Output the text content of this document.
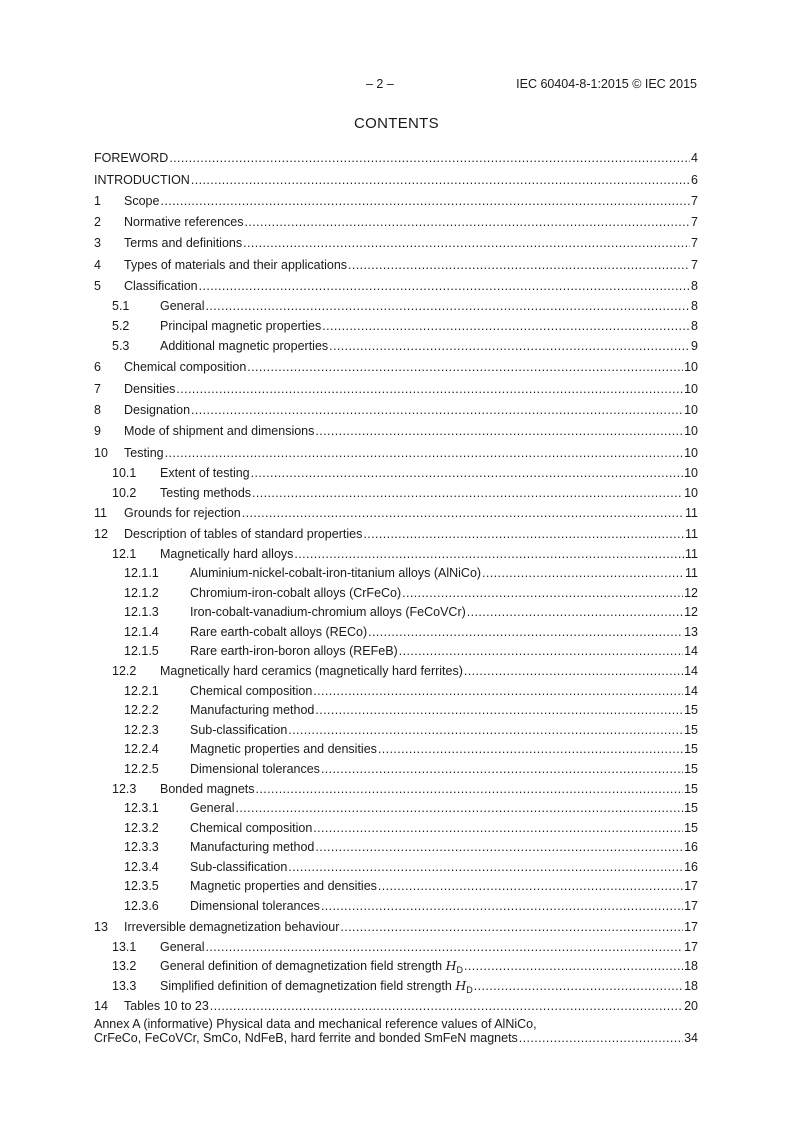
– 2 –	IEC 60404-8-1:2015 © IEC 2015
CONTENTS
FOREWORD .....	4
INTRODUCTION .....	6
1	Scope .....	7
2	Normative references .....	7
3	Terms and definitions .....	7
4	Types of materials and their applications .....	7
5	Classification .....	8
5.1	General .....	8
5.2	Principal magnetic properties .....	8
5.3	Additional magnetic properties .....	9
6	Chemical composition .....	10
7	Densities .....	10
8	Designation .....	10
9	Mode of shipment and dimensions .....	10
10	Testing .....	10
10.1	Extent of testing .....	10
10.2	Testing methods .....	10
11	Grounds for rejection .....	11
12	Description of tables of standard properties .....	11
12.1	Magnetically hard alloys .....	11
12.1.1	Aluminium-nickel-cobalt-iron-titanium alloys (AlNiCo) .....	11
12.1.2	Chromium-iron-cobalt alloys (CrFeCo) .....	12
12.1.3	Iron-cobalt-vanadium-chromium alloys (FeCoVCr) .....	12
12.1.4	Rare earth-cobalt alloys (RECo) .....	13
12.1.5	Rare earth-iron-boron alloys (REFeB) .....	14
12.2	Magnetically hard ceramics (magnetically hard ferrites) .....	14
12.2.1	Chemical composition .....	14
12.2.2	Manufacturing method .....	15
12.2.3	Sub-classification .....	15
12.2.4	Magnetic properties and densities .....	15
12.2.5	Dimensional tolerances .....	15
12.3	Bonded magnets .....	15
12.3.1	General .....	15
12.3.2	Chemical composition .....	15
12.3.3	Manufacturing method .....	16
12.3.4	Sub-classification .....	16
12.3.5	Magnetic properties and densities .....	17
12.3.6	Dimensional tolerances .....	17
13	Irreversible demagnetization behaviour .....	17
13.1	General .....	17
13.2	General definition of demagnetization field strength $H_D$ .....	18
13.3	Simplified definition of demagnetization field strength $H_D$ .....	18
14	Tables 10 to 23 .....	20
Annex A (informative) Physical data and mechanical reference values of AlNiCo,
CrFeCo, FeCoVCr, SmCo, NdFeB, hard ferrite and bonded SmFeN magnets .....	34
